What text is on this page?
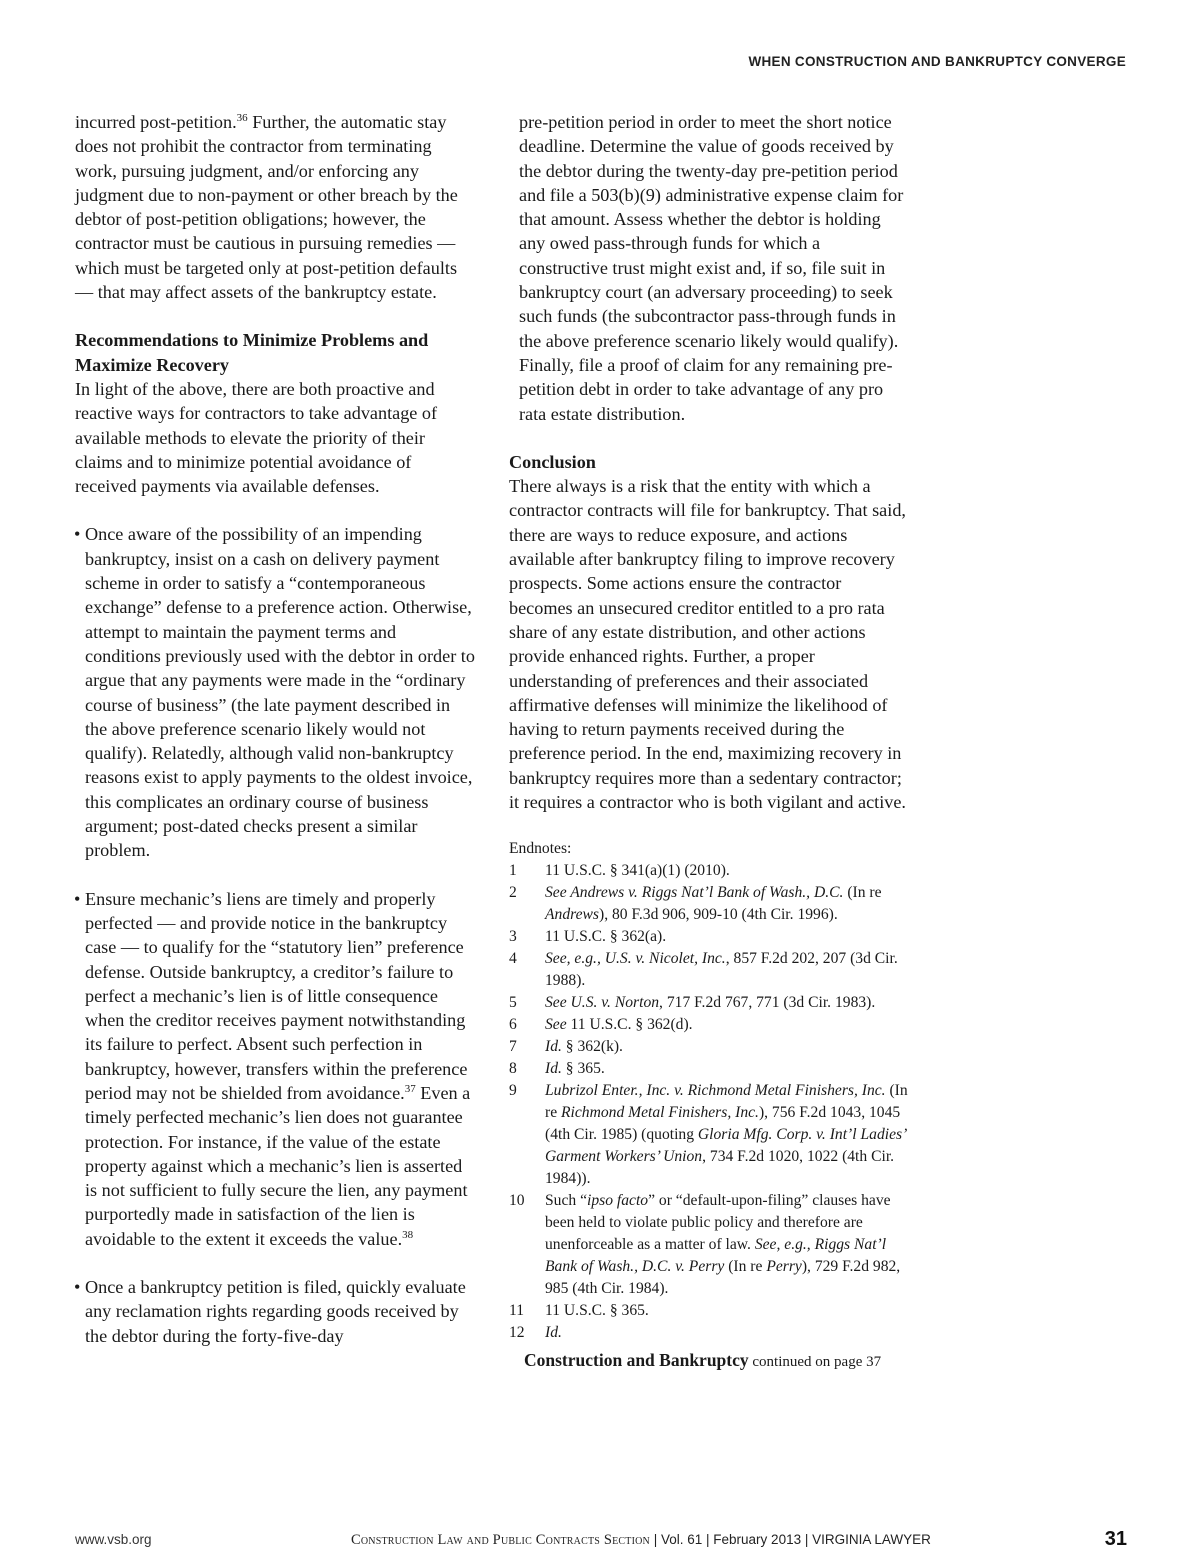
WHEN CONSTRUCTION AND BANKRUPTCY CONVERGE

incurred post-petition.$^{36}$ Further, the automatic stay does not prohibit the contractor from terminating work, pursuing judgment, and/or enforcing any judgment due to non-payment or other breach by the debtor of post-petition obligations; however, the contractor must be cautious in pursuing remedies — which must be targeted only at post-petition defaults — that may affect assets of the bankruptcy estate.

Recommendations to Minimize Problems and Maximize Recovery

In light of the above, there are both proactive and reactive ways for contractors to take advantage of available methods to elevate the priority of their claims and to minimize potential avoidance of received payments via available defenses.

• Once aware of the possibility of an impending bankruptcy, insist on a cash on delivery payment scheme in order to satisfy a “contemporaneous exchange” defense to a preference action. Otherwise, attempt to maintain the payment terms and conditions previously used with the debtor in order to argue that any payments were made in the “ordinary course of business” (the late payment described in the above preference scenario likely would not qualify). Relatedly, although valid non-bankruptcy reasons exist to apply payments to the oldest invoice, this complicates an ordinary course of business argument; post-dated checks present a similar problem.

• Ensure mechanic’s liens are timely and properly perfected — and provide notice in the bankruptcy case — to qualify for the “statutory lien” preference defense. Outside bankruptcy, a creditor’s failure to perfect a mechanic’s lien is of little consequence when the creditor receives payment notwithstanding its failure to perfect. Absent such perfection in bankruptcy, however, transfers within the preference period may not be shielded from avoidance.$^{37}$ Even a timely perfected mechanic’s lien does not guarantee protection. For instance, if the value of the estate property against which a mechanic’s lien is asserted is not sufficient to fully secure the lien, any payment purportedly made in satisfaction of the lien is avoidable to the extent it exceeds the value.$^{38}$

• Once a bankruptcy petition is filed, quickly evaluate any reclamation rights regarding goods received by the debtor during the forty-five-day

pre-petition period in order to meet the short notice deadline. Determine the value of goods received by the debtor during the twenty-day pre-petition period and file a 503(b)(9) administrative expense claim for that amount. Assess whether the debtor is holding any owed pass-through funds for which a constructive trust might exist and, if so, file suit in bankruptcy court (an adversary proceeding) to seek such funds (the subcontractor pass-through funds in the above preference scenario likely would qualify). Finally, file a proof of claim for any remaining pre-petition debt in order to take advantage of any pro rata estate distribution.

Conclusion

There always is a risk that the entity with which a contractor contracts will file for bankruptcy. That said, there are ways to reduce exposure, and actions available after bankruptcy filing to improve recovery prospects. Some actions ensure the contractor becomes an unsecured creditor entitled to a pro rata share of any estate distribution, and other actions provide enhanced rights. Further, a proper understanding of preferences and their associated affirmative defenses will minimize the likelihood of having to return payments received during the preference period. In the end, maximizing recovery in bankruptcy requires more than a sedentary contractor; it requires a contractor who is both vigilant and active.

Endnotes:

1	11 U.S.C. § 341(a)(1) (2010).
2	See Andrews v. Riggs Nat’l Bank of Wash., D.C. (In re Andrews), 80 F.3d 906, 909-10 (4th Cir. 1996).
3	11 U.S.C. § 362(a).
4	See, e.g., U.S. v. Nicolet, Inc., 857 F.2d 202, 207 (3d Cir. 1988).
5	See U.S. v. Norton, 717 F.2d 767, 771 (3d Cir. 1983).
6	See 11 U.S.C. § 362(d).
7	Id. § 362(k).
8	Id. § 365.
9	Lubrizol Enter., Inc. v. Richmond Metal Finishers, Inc. (In re Richmond Metal Finishers, Inc.), 756 F.2d 1043, 1045 (4th Cir. 1985) (quoting Gloria Mfg. Corp. v. Int’l Ladies’ Garment Workers’ Union, 734 F.2d 1020, 1022 (4th Cir. 1984)).
10	Such “ipso facto” or “default-upon-filing” clauses have been held to violate public policy and therefore are unenforceable as a matter of law. See, e.g., Riggs Nat’l Bank of Wash., D.C. v. Perry (In re Perry), 729 F.2d 982, 985 (4th Cir. 1984).
11	11 U.S.C. § 365.
12	Id.

Construction and Bankruptcy continued on page 37

www.vsb.org	Construction Law and Public Contracts Section | Vol. 61 | February 2013 | VIRGINIA LAWYER	31
